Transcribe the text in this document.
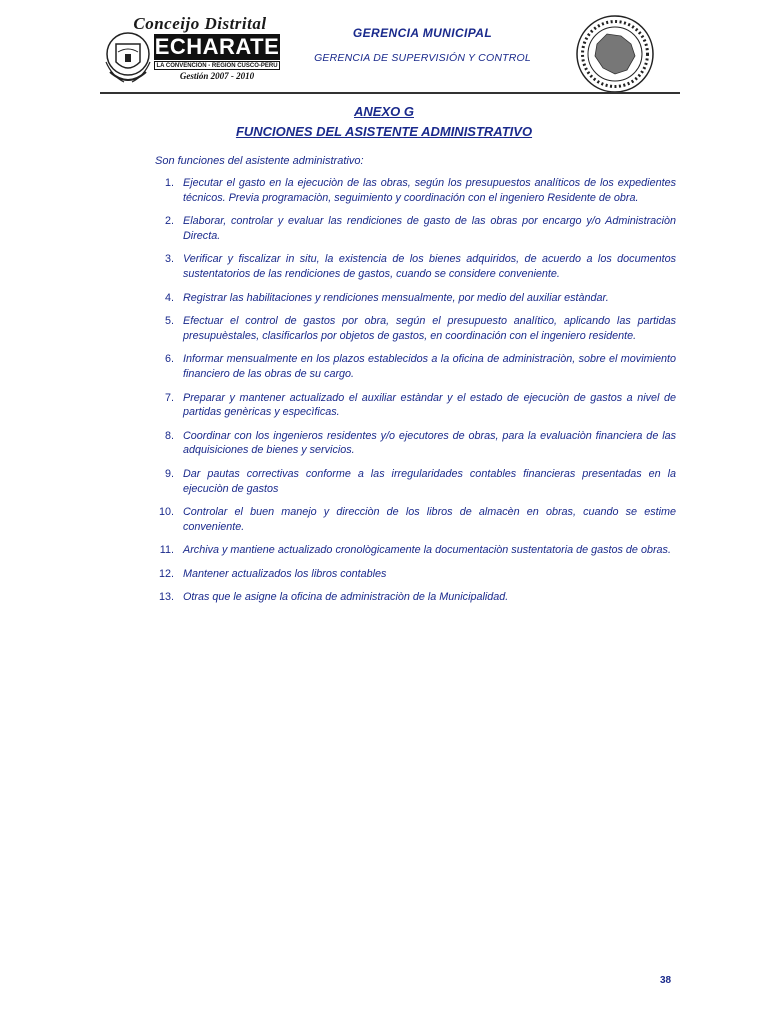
Conceijo Distrital
ECHARATE
LA CONVENCION - REGION CUSCO-PERU
Gestión 2007 - 2010
GERENCIA MUNICIPAL
GERENCIA DE SUPERVISIÓN Y CONTROL
ANEXO G
FUNCIONES DEL ASISTENTE ADMINISTRATIVO
Son funciones del asistente administrativo:
1. Ejecutar el gasto en la ejecuciòn de las obras, según los presupuestos analíticos de los expedientes técnicos. Previa programaciòn, seguimiento y coordinación con el ingeniero Residente de obra.
2. Elaborar, controlar y evaluar las rendiciones de gasto de las obras por encargo y/o Administraciòn Directa.
3. Verificar y fiscalizar in situ, la existencia de los bienes adquiridos, de acuerdo a los documentos sustentatorios de las rendiciones de gastos, cuando se considere conveniente.
4. Registrar las habilitaciones y rendiciones mensualmente, por medio del auxiliar estàndar.
5. Efectuar el control de gastos por obra, según el presupuesto analítico, aplicando las partidas presupuèstales, clasificarlos por objetos de gastos, en coordinación con el ingeniero residente.
6. Informar mensualmente en los plazos establecidos a la oficina de administraciòn, sobre el movimiento financiero de las obras de su cargo.
7. Preparar y mantener actualizado el auxiliar estàndar y el estado de ejecuciòn de gastos a nivel de partidas genèricas y especìficas.
8. Coordinar con los ingenieros residentes y/o ejecutores de obras, para la evaluaciòn financiera de las adquisiciones de bienes y servicios.
9. Dar pautas correctivas conforme a las irregularidades contables financieras presentadas en la ejecuciòn de gastos
10. Controlar el buen manejo y direcciòn de los libros de almacèn en obras, cuando se estime conveniente.
11. Archiva y mantiene actualizado cronològicamente la documentaciòn sustentatoria de gastos de obras.
12. Mantener actualizados los libros contables
13. Otras que le asigne la oficina de administraciòn de la Municipalidad.
38
